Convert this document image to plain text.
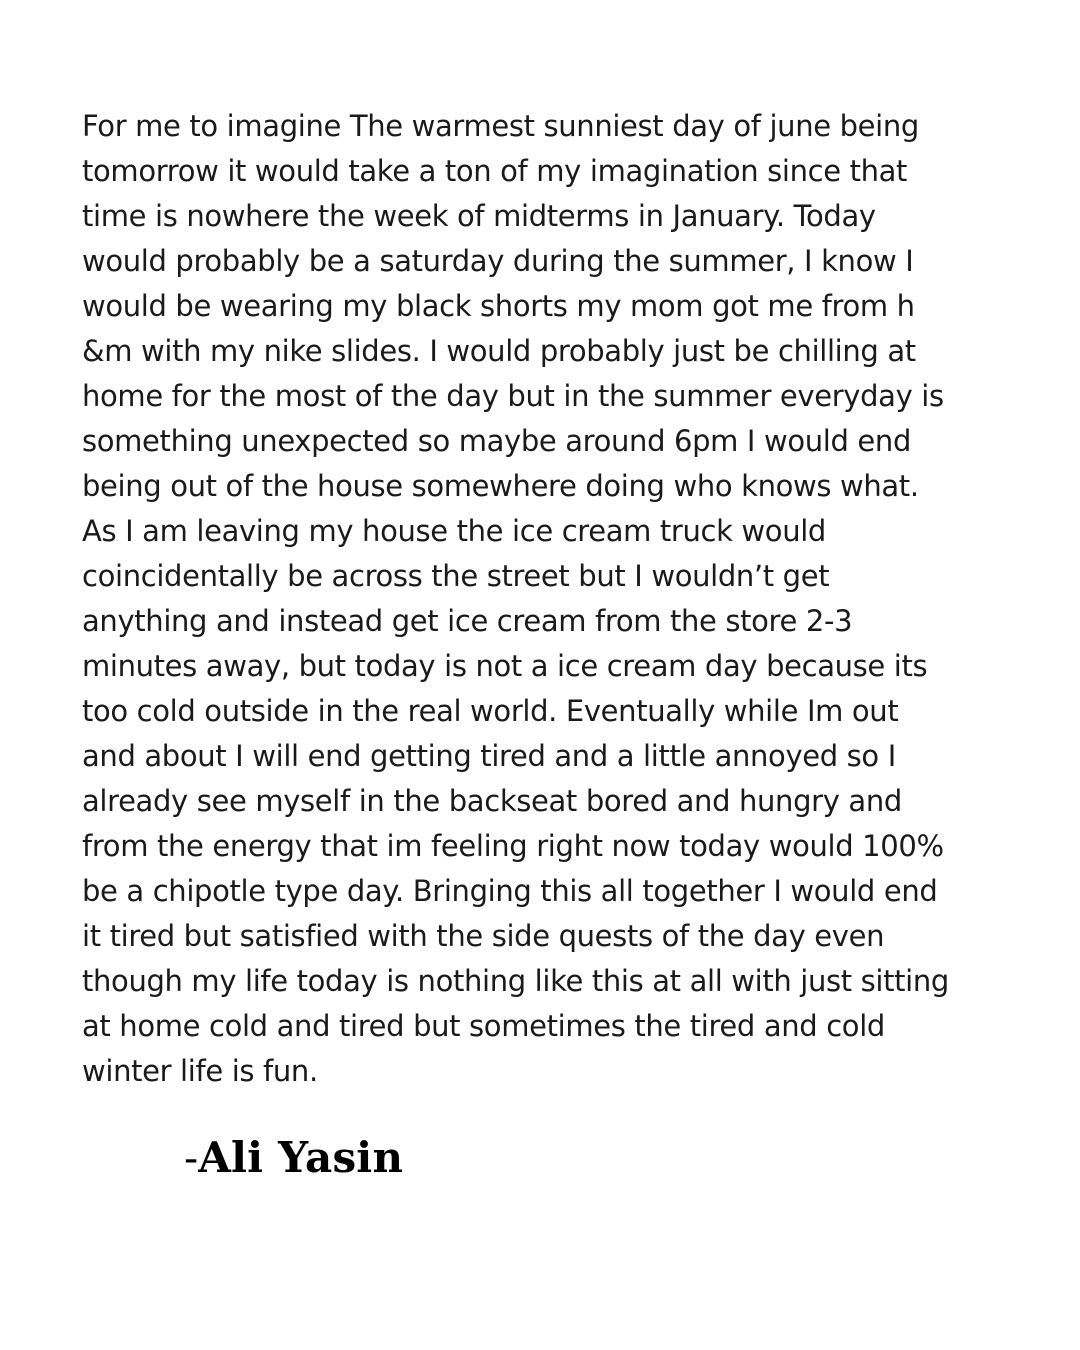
For me to imagine The warmest sunniest day of june being
tomorrow it would take a ton of my imagination since that
time is nowhere the week of midterms in January. Today
would probably be a saturday during the summer, I know I
would be wearing my black shorts my mom got me from h
&m with my nike slides. I would probably just be chilling at
home for the most of the day but in the summer everyday is
something unexpected so maybe around 6pm I would end
being out of the house somewhere doing who knows what.
As I am leaving my house the ice cream truck would
coincidentally be across the street but I wouldn’t get
anything and instead get ice cream from the store 2-3
minutes away, but today is not a ice cream day because its
too cold outside in the real world. Eventually while Im out
and about I will end getting tired and a little annoyed so I
already see myself in the backseat bored and hungry and
from the energy that im feeling right now today would 100%
be a chipotle type day. Bringing this all together I would end
it tired but satisfied with the side quests of the day even
though my life today is nothing like this at all with just sitting
at home cold and tired but sometimes the tired and cold
winter life is fun.

-Ali Yasin
